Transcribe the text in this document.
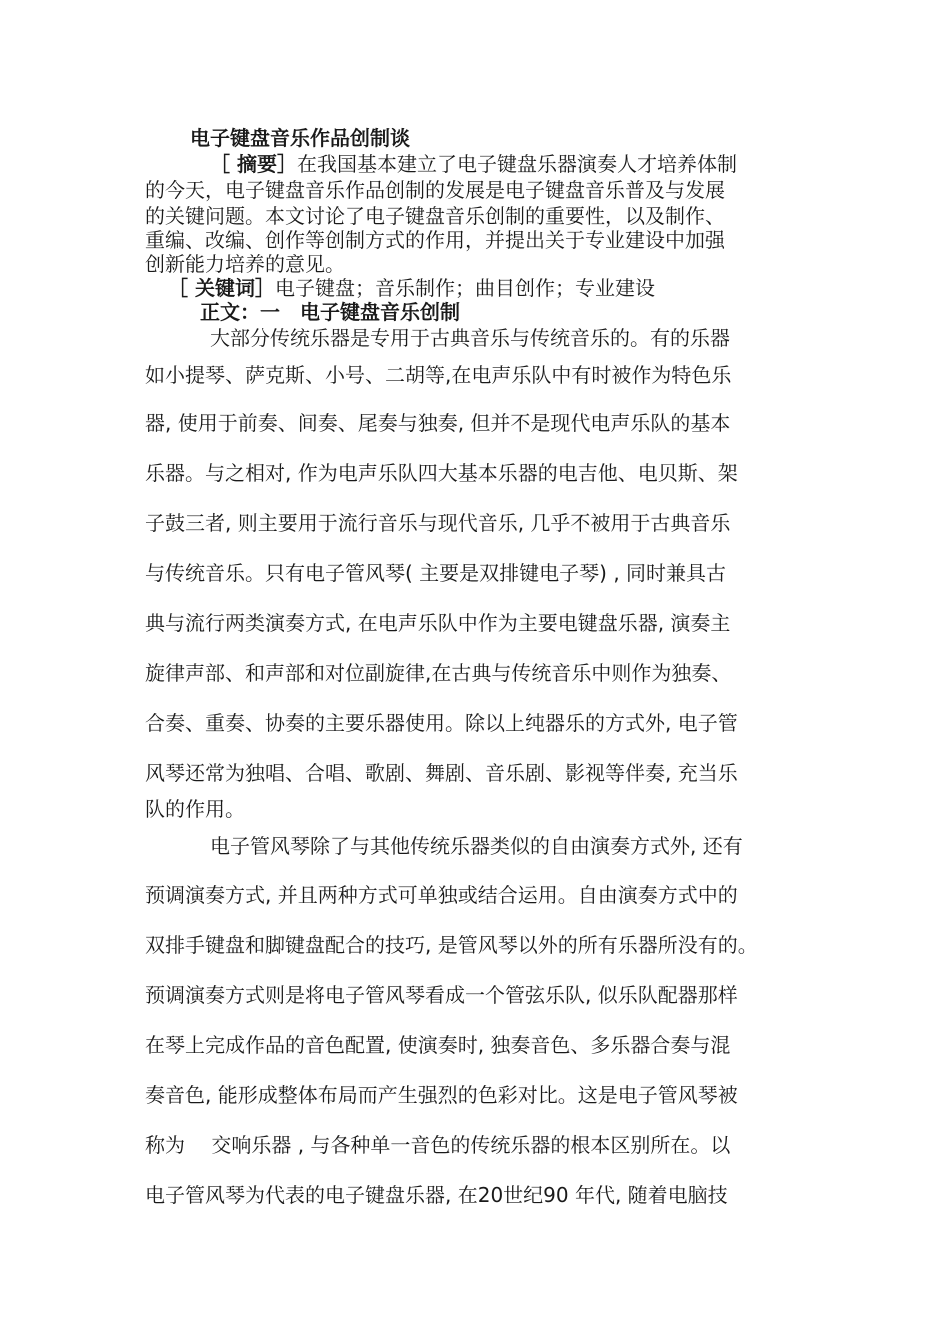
电子键盘音乐作品创制谈
［ 摘要］在我国基本建立了电子键盘乐器演奏人才培养体制
的今天，电子键盘音乐作品创制的发展是电子键盘音乐普及与发展
的关键问题。本文讨论了电子键盘音乐创制的重要性，以及制作、
重编、改编、创作等创制方式的作用，并提出关于专业建设中加强
创新能力培养的意见。
［ 关键词］电子键盘；音乐制作；曲目创作；专业建设
正文：一　电子键盘音乐创制
大部分传统乐器是专用于古典音乐与传统音乐的。有的乐器
如小提琴、萨克斯、小号、二胡等,在电声乐队中有时被作为特色乐
器, 使用于前奏、间奏、尾奏与独奏, 但并不是现代电声乐队的基本
乐器。与之相对, 作为电声乐队四大基本乐器的电吉他、电贝斯、架
子鼓三者, 则主要用于流行音乐与现代音乐, 几乎不被用于古典音乐
与传统音乐。只有电子管风琴( 主要是双排键电子琴) , 同时兼具古
典与流行两类演奏方式, 在电声乐队中作为主要电键盘乐器, 演奏主
旋律声部、和声部和对位副旋律,在古典与传统音乐中则作为独奏、
合奏、重奏、协奏的主要乐器使用。除以上纯器乐的方式外, 电子管
风琴还常为独唱、合唱、歌剧、舞剧、音乐剧、影视等伴奏, 充当乐
队的作用。
电子管风琴除了与其他传统乐器类似的自由演奏方式外, 还有
预调演奏方式, 并且两种方式可单独或结合运用。自由演奏方式中的
双排手键盘和脚键盘配合的技巧, 是管风琴以外的所有乐器所没有的。
预调演奏方式则是将电子管风琴看成一个管弦乐队, 似乐队配器那样
在琴上完成作品的音色配置, 使演奏时, 独奏音色、多乐器合奏与混
奏音色, 能形成整体布局而产生强烈的色彩对比。这是电子管风琴被
称为　 交响乐器 , 与各种单一音色的传统乐器的根本区别所在。以
电子管风琴为代表的电子键盘乐器, 在20世纪90 年代, 随着电脑技
